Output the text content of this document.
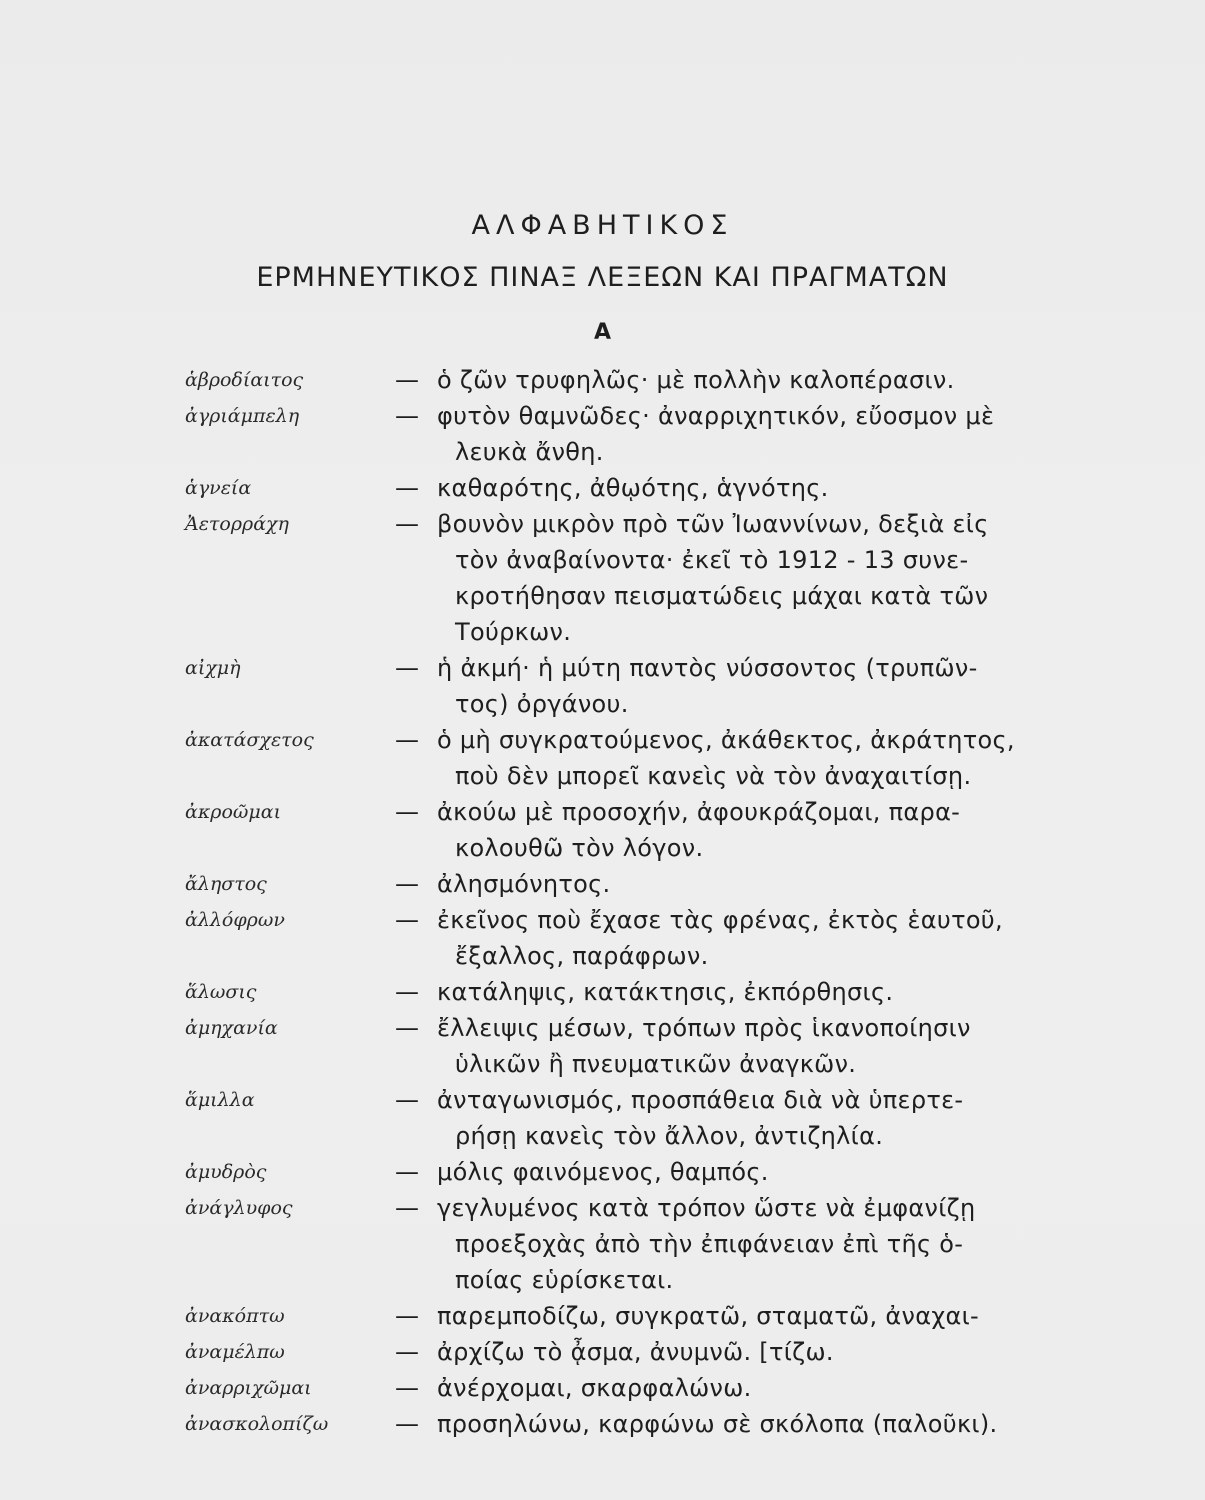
ΑΛΦΑΒΗΤΙΚΟΣ
ΕΡΜΗΝΕΥΤΙΚΟΣ ΠΙΝΑΞ ΛΕΞΕΩΝ ΚΑΙ ΠΡΑΓΜΑΤΩΝ
Α
ἁβροδίαιτος	— ὁ ζῶν τρυφηλῶς· μὲ πολλὴν καλοπέρασιν.
ἀγριάμπελη	— φυτὸν θαμνῶδες· ἀναρριχητικόν, εὔοσμον μὲ
λευκὰ ἄνθη.
ἁγνεία	— καθαρότης, ἀθῳότης, ἁγνότης.
Ἀετορράχη	— βουνὸν μικρὸν πρὸ τῶν Ἰωαννίνων, δεξιὰ εἰς
τὸν ἀναβαίνοντα· ἐκεῖ τὸ 1912 - 13 συνε-
κροτήθησαν πεισματώδεις μάχαι κατὰ τῶν
Τούρκων.
αἰχμὴ	— ἡ ἀκμή· ἡ μύτη παντὸς νύσσοντος (τρυπῶν-
τος) ὀργάνου.
ἀκατάσχετος	— ὁ μὴ συγκρατούμενος, ἀκάθεκτος, ἀκράτητος,
ποὺ δὲν μπορεῖ κανεὶς νὰ τὸν ἀναχαιτίσῃ.
ἀκροῶμαι	— ἀκούω μὲ προσοχήν, ἀφουκράζομαι, παρα-
κολουθῶ τὸν λόγον.
ἄληστος	— ἀλησμόνητος.
ἀλλόφρων	— ἐκεῖνος ποὺ ἔχασε τὰς φρένας, ἐκτὸς ἑαυτοῦ,
ἔξαλλος, παράφρων.
ἅλωσις	— κατάληψις, κατάκτησις, ἐκπόρθησις.
ἀμηχανία	— ἔλλειψις μέσων, τρόπων πρὸς ἱκανοποίησιν
ὑλικῶν ἢ πνευματικῶν ἀναγκῶν.
ἅμιλλα	— ἀνταγωνισμός, προσπάθεια διὰ νὰ ὑπερτε-
ρήσῃ κανεὶς τὸν ἄλλον, ἀντιζηλία.
ἀμυδρὸς	— μόλις φαινόμενος, θαμπός.
ἀνάγλυφος	— γεγλυμένος κατὰ τρόπον ὥστε νὰ ἐμφανίζῃ
προεξοχὰς ἀπὸ τὴν ἐπιφάνειαν ἐπὶ τῆς ὁ-
ποίας εὑρίσκεται.
ἀνακόπτω	— παρεμποδίζω, συγκρατῶ, σταματῶ, ἀναχαι-
ἀναμέλπω	— ἀρχίζω τὸ ᾆσμα, ἀνυμνῶ. [τίζω.
ἀναρριχῶμαι	— ἀνέρχομαι, σκαρφαλώνω.
ἀνασκολοπίζω	— προσηλώνω, καρφώνω σὲ σκόλοπα (παλοῦκι).
